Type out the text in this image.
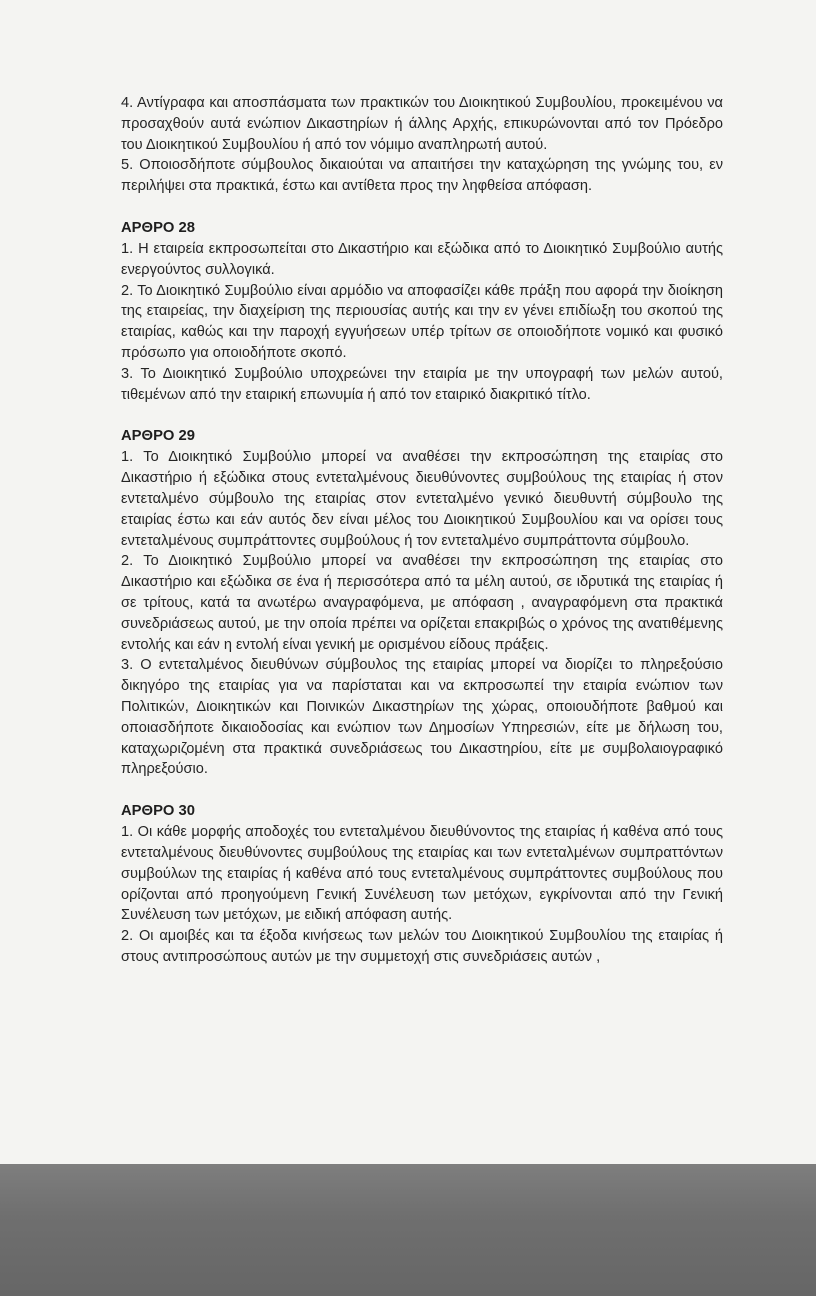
4. Αντίγραφα και αποσπάσματα των πρακτικών του Διοικητικού Συμβουλίου, προκειμένου να προσαχθούν αυτά ενώπιον Δικαστηρίων ή άλλης Αρχής, επικυρώνονται από τον Πρόεδρο του Διοικητικού Συμβουλίου ή από τον νόμιμο αναπληρωτή αυτού.

5. Οποιοσδήποτε σύμβουλος δικαιούται να απαιτήσει την καταχώρηση της γνώμης του, εν περιλήψει στα πρακτικά, έστω και αντίθετα προς την ληφθείσα απόφαση.

ΑΡΘΡΟ 28

1. Η εταιρεία εκπροσωπείται στο Δικαστήριο και εξώδικα από το Διοικητικό Συμβούλιο αυτής ενεργούντος συλλογικά.

2. Το Διοικητικό Συμβούλιο είναι αρμόδιο να αποφασίζει κάθε πράξη που αφορά την διοίκηση της εταιρείας, την διαχείριση της περιουσίας αυτής και την εν γένει επιδίωξη του σκοπού της εταιρίας, καθώς και την παροχή εγγυήσεων υπέρ τρίτων σε οποιοδήποτε νομικό και φυσικό πρόσωπο για οποιοδήποτε σκοπό.

3. Το Διοικητικό Συμβούλιο υποχρεώνει την εταιρία με την υπογραφή των μελών αυτού, τιθεμένων από την εταιρική επωνυμία ή από τον εταιρικό διακριτικό τίτλο.

ΑΡΘΡΟ 29

1. Το Διοικητικό Συμβούλιο μπορεί να αναθέσει την εκπροσώπηση της εταιρίας στο Δικαστήριο ή εξώδικα στους εντεταλμένους διευθύνοντες συμβούλους της εταιρίας ή στον εντεταλμένο σύμβουλο της εταιρίας στον εντεταλμένο γενικό διευθυντή σύμβουλο της εταιρίας έστω και εάν αυτός δεν είναι μέλος του Διοικητικού Συμβουλίου και να ορίσει τους εντεταλμένους συμπράττοντες συμβούλους ή τον εντεταλμένο συμπράττοντα σύμβουλο.

2. Το Διοικητικό Συμβούλιο μπορεί να αναθέσει την εκπροσώπηση της εταιρίας στο Δικαστήριο και εξώδικα σε ένα ή περισσότερα από τα μέλη αυτού, σε ιδρυτικά της εταιρίας ή σε τρίτους, κατά τα ανωτέρω αναγραφόμενα, με απόφαση , αναγραφόμενη στα πρακτικά συνεδριάσεως αυτού, με την οποία πρέπει να ορίζεται επακριβώς ο χρόνος της ανατιθέμενης εντολής και εάν η εντολή είναι γενική με ορισμένου είδους πράξεις.

3. Ο εντεταλμένος διευθύνων σύμβουλος της εταιρίας μπορεί να διορίζει το πληρεξούσιο δικηγόρο της εταιρίας για να παρίσταται και να εκπροσωπεί την εταιρία ενώπιον των Πολιτικών, Διοικητικών και Ποινικών Δικαστηρίων της χώρας, οποιουδήποτε βαθμού και οποιασδήποτε δικαιοδοσίας και ενώπιον των Δημοσίων Υπηρεσιών, είτε με δήλωση του, καταχωριζομένη στα πρακτικά συνεδριάσεως του Δικαστηρίου, είτε με συμβολαιογραφικό πληρεξούσιο.

ΑΡΘΡΟ 30

1. Οι κάθε μορφής αποδοχές του εντεταλμένου διευθύνοντος της εταιρίας ή καθένα από τους εντεταλμένους διευθύνοντες συμβούλους της εταιρίας και των εντεταλμένων συμπραττόντων συμβούλων της εταιρίας ή καθένα από τους εντεταλμένους συμπράττοντες συμβούλους που ορίζονται από προηγούμενη Γενική Συνέλευση των μετόχων, εγκρίνονται από την Γενική Συνέλευση των μετόχων, με ειδική απόφαση αυτής.

2. Οι αμοιβές και τα έξοδα κινήσεως των μελών του Διοικητικού Συμβουλίου της εταιρίας ή στους αντιπροσώπους αυτών με την συμμετοχή στις συνεδριάσεις αυτών ,
